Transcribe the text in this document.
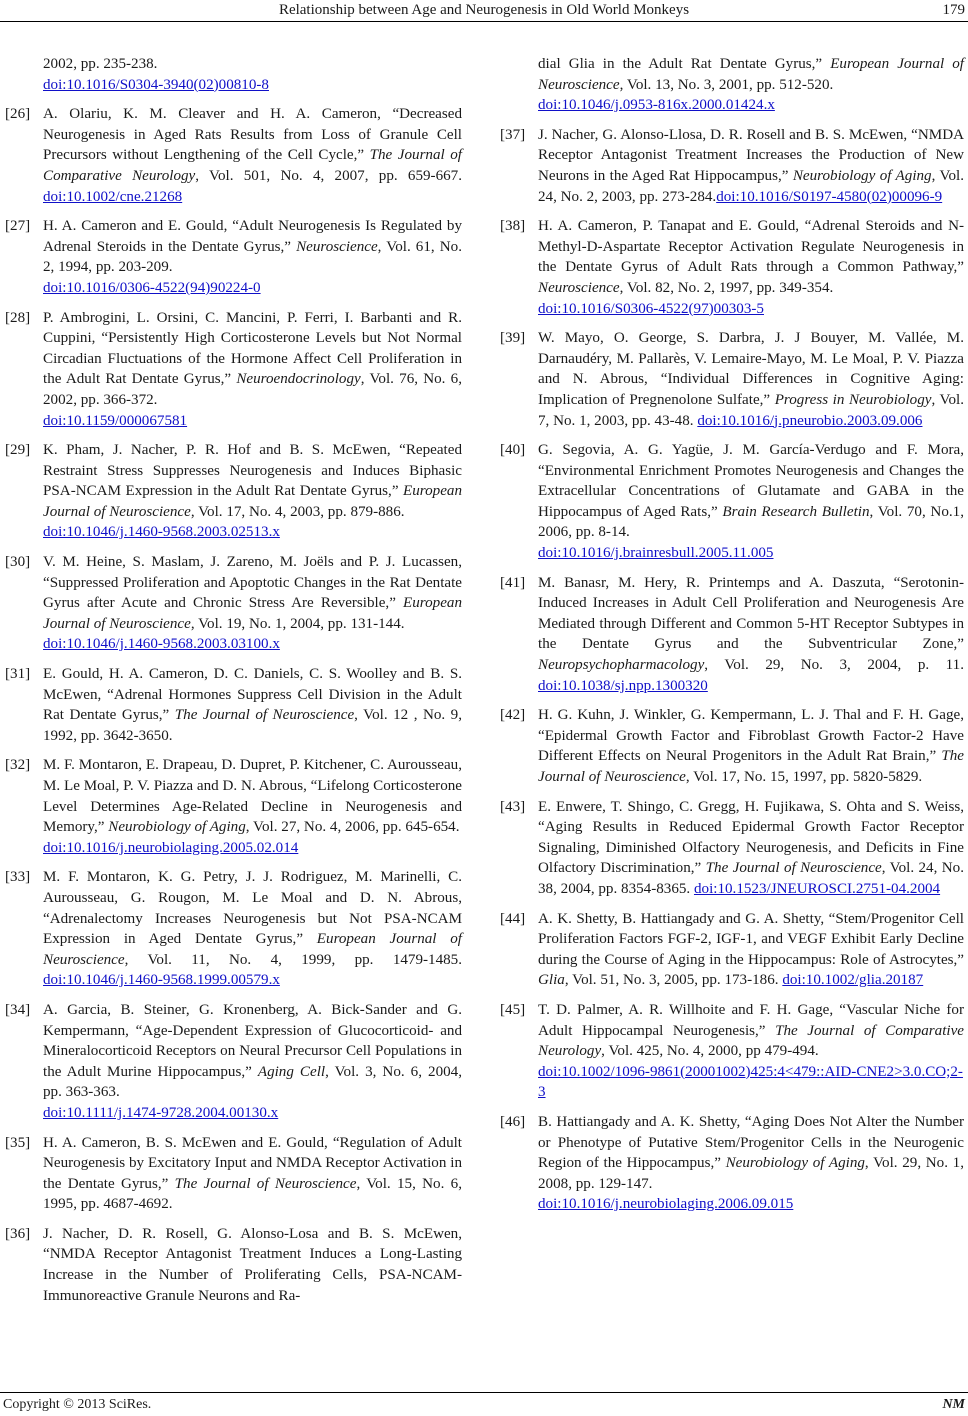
Relationship between Age and Neurogenesis in Old World Monkeys	179
2002, pp. 235-238.
doi:10.1016/S0304-3940(02)00810-8
[26] A. Olariu, K. M. Cleaver and H. A. Cameron, “Decreased Neurogenesis in Aged Rats Results from Loss of Granule Cell Precursors without Lengthening of the Cell Cycle,” The Journal of Comparative Neurology, Vol. 501, No. 4, 2007, pp. 659-667. doi:10.1002/cne.21268
[27] H. A. Cameron and E. Gould, “Adult Neurogenesis Is Regulated by Adrenal Steroids in the Dentate Gyrus,” Neuroscience, Vol. 61, No. 2, 1994, pp. 203-209.
doi:10.1016/0306-4522(94)90224-0
[28] P. Ambrogini, L. Orsini, C. Mancini, P. Ferri, I. Barbanti and R. Cuppini, “Persistently High Corticosterone Levels but Not Normal Circadian Fluctuations of the Hormone Affect Cell Proliferation in the Adult Rat Dentate Gyrus,” Neuroendocrinology, Vol. 76, No. 6, 2002, pp. 366-372.
doi:10.1159/000067581
[29] K. Pham, J. Nacher, P. R. Hof and B. S. McEwen, “Repeated Restraint Stress Suppresses Neurogenesis and Induces Biphasic PSA-NCAM Expression in the Adult Rat Dentate Gyrus,” European Journal of Neuroscience, Vol. 17, No. 4, 2003, pp. 879-886.
doi:10.1046/j.1460-9568.2003.02513.x
[30] V. M. Heine, S. Maslam, J. Zareno, M. Joëls and P. J. Lucassen, “Suppressed Proliferation and Apoptotic Changes in the Rat Dentate Gyrus after Acute and Chronic Stress Are Reversible,” European Journal of Neuroscience, Vol. 19, No. 1, 2004, pp. 131-144.
doi:10.1046/j.1460-9568.2003.03100.x
[31] E. Gould, H. A. Cameron, D. C. Daniels, C. S. Woolley and B. S. McEwen, “Adrenal Hormones Suppress Cell Division in the Adult Rat Dentate Gyrus,” The Journal of Neuroscience, Vol. 12 , No. 9, 1992, pp. 3642-3650.
[32] M. F. Montaron, E. Drapeau, D. Dupret, P. Kitchener, C. Aurousseau, M. Le Moal, P. V. Piazza and D. N. Abrous, “Lifelong Corticosterone Level Determines Age-Related Decline in Neurogenesis and Memory,” Neurobiology of Aging, Vol. 27, No. 4, 2006, pp. 645-654.
doi:10.1016/j.neurobiolaging.2005.02.014
[33] M. F. Montaron, K. G. Petry, J. J. Rodriguez, M. Marinelli, C. Aurousseau, G. Rougon, M. Le Moal and D. N. Abrous, “Adrenalectomy Increases Neurogenesis but Not PSA-NCAM Expression in Aged Dentate Gyrus,” European Journal of Neuroscience, Vol. 11, No. 4, 1999, pp. 1479-1485. doi:10.1046/j.1460-9568.1999.00579.x
[34] A. Garcia, B. Steiner, G. Kronenberg, A. Bick-Sander and G. Kempermann, “Age-Dependent Expression of Glucocorticoid- and Mineralocorticoid Receptors on Neural Precursor Cell Populations in the Adult Murine Hippocampus,” Aging Cell, Vol. 3, No. 6, 2004, pp. 363-363.
doi:10.1111/j.1474-9728.2004.00130.x
[35] H. A. Cameron, B. S. McEwen and E. Gould, “Regulation of Adult Neurogenesis by Excitatory Input and NMDA Receptor Activation in the Dentate Gyrus,” The Journal of Neuroscience, Vol. 15, No. 6, 1995, pp. 4687-4692.
[36] J. Nacher, D. R. Rosell, G. Alonso-Losa and B. S. McEwen, “NMDA Receptor Antagonist Treatment Induces a Long-Lasting Increase in the Number of Proliferating Cells, PSA-NCAM-Immunoreactive Granule Neurons and Ra-
dial Glia in the Adult Rat Dentate Gyrus,” European Journal of Neuroscience, Vol. 13, No. 3, 2001, pp. 512-520.
doi:10.1046/j.0953-816x.2000.01424.x
[37] J. Nacher, G. Alonso-Llosa, D. R. Rosell and B. S. McEwen, “NMDA Receptor Antagonist Treatment Increases the Production of New Neurons in the Aged Rat Hippocampus,” Neurobiology of Aging, Vol. 24, No. 2, 2003, pp. 273-284.doi:10.1016/S0197-4580(02)00096-9
[38] H. A. Cameron, P. Tanapat and E. Gould, “Adrenal Steroids and N-Methyl-D-Aspartate Receptor Activation Regulate Neurogenesis in the Dentate Gyrus of Adult Rats through a Common Pathway,” Neuroscience, Vol. 82, No. 2, 1997, pp. 349-354.
doi:10.1016/S0306-4522(97)00303-5
[39] W. Mayo, O. George, S. Darbra, J. J Bouyer, M. Vallée, M. Darnaudéry, M. Pallarès, V. Lemaire-Mayo, M. Le Moal, P. V. Piazza and N. Abrous, “Individual Differences in Cognitive Aging: Implication of Pregnenolone Sulfate,” Progress in Neurobiology, Vol. 7, No. 1, 2003, pp. 43-48. doi:10.1016/j.pneurobio.2003.09.006
[40] G. Segovia, A. G. Yagüe, J. M. García-Verdugo and F. Mora, “Environmental Enrichment Promotes Neurogenesis and Changes the Extracellular Concentrations of Glutamate and GABA in the Hippocampus of Aged Rats,” Brain Research Bulletin, Vol. 70, No.1, 2006, pp. 8-14.
doi:10.1016/j.brainresbull.2005.11.005
[41] M. Banasr, M. Hery, R. Printemps and A. Daszuta, “Serotonin-Induced Increases in Adult Cell Proliferation and Neurogenesis Are Mediated through Different and Common 5-HT Receptor Subtypes in the Dentate Gyrus and the Subventricular Zone,” Neuropsychopharmacology, Vol. 29, No. 3, 2004, p. 11. doi:10.1038/sj.npp.1300320
[42] H. G. Kuhn, J. Winkler, G. Kempermann, L. J. Thal and F. H. Gage, “Epidermal Growth Factor and Fibroblast Growth Factor-2 Have Different Effects on Neural Progenitors in the Adult Rat Brain,” The Journal of Neuroscience, Vol. 17, No. 15, 1997, pp. 5820-5829.
[43] E. Enwere, T. Shingo, C. Gregg, H. Fujikawa, S. Ohta and S. Weiss, “Aging Results in Reduced Epidermal Growth Factor Receptor Signaling, Diminished Olfactory Neurogenesis, and Deficits in Fine Olfactory Discrimination,” The Journal of Neuroscience, Vol. 24, No. 38, 2004, pp. 8354-8365. doi:10.1523/JNEUROSCI.2751-04.2004
[44] A. K. Shetty, B. Hattiangady and G. A. Shetty, “Stem/Progenitor Cell Proliferation Factors FGF-2, IGF-1, and VEGF Exhibit Early Decline during the Course of Aging in the Hippocampus: Role of Astrocytes,” Glia, Vol. 51, No. 3, 2005, pp. 173-186. doi:10.1002/glia.20187
[45] T. D. Palmer, A. R. Willhoite and F. H. Gage, “Vascular Niche for Adult Hippocampal Neurogenesis,” The Journal of Comparative Neurology, Vol. 425, No. 4, 2000, pp 479-494.
doi:10.1002/1096-9861(20001002)425:4<479::AID-CNE2>3.0.CO;2-3
[46] B. Hattiangady and A. K. Shetty, “Aging Does Not Alter the Number or Phenotype of Putative Stem/Progenitor Cells in the Neurogenic Region of the Hippocampus,” Neurobiology of Aging, Vol. 29, No. 1, 2008, pp. 129-147.
doi:10.1016/j.neurobiolaging.2006.09.015
Copyright © 2013 SciRes.	NM
